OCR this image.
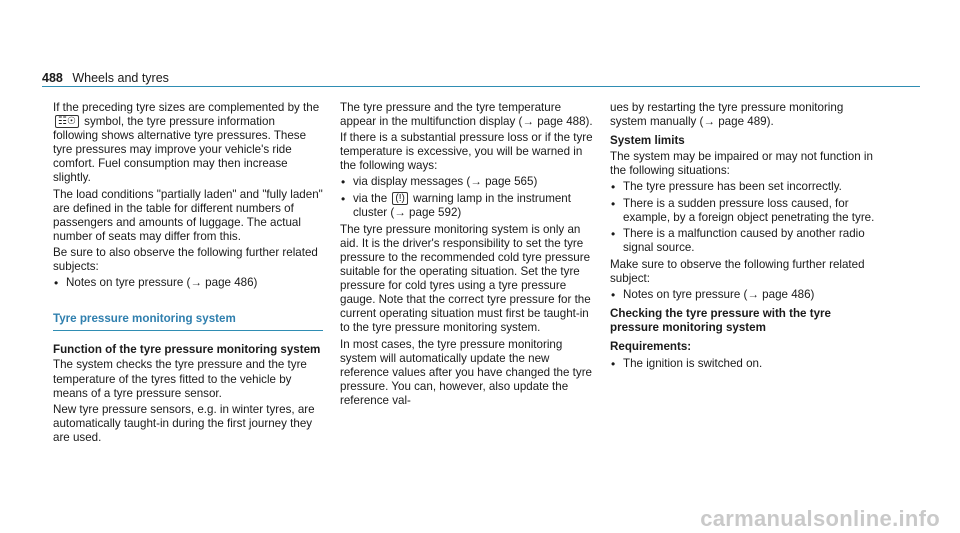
488 Wheels and tyres

If the preceding tyre sizes are complemented by the ☷☉ symbol, the tyre pressure information following shows alternative tyre pressures. These tyre pressures may improve your vehicle's ride comfort. Fuel consumption may then increase slightly.

The load conditions "partially laden" and "fully laden" are defined in the table for different numbers of passengers and amounts of luggage. The actual number of seats may differ from this.

Be sure to also observe the following further related subjects:

• Notes on tyre pressure (→ page 486)
Tyre pressure monitoring system
Function of the tyre pressure monitoring system

The system checks the tyre pressure and the tyre temperature of the tyres fitted to the vehicle by means of a tyre pressure sensor.

New tyre pressure sensors, e.g. in winter tyres, are automatically taught-in during the first journey they are used.

The tyre pressure and the tyre temperature appear in the multifunction display (→ page 488).

If there is a substantial pressure loss or if the tyre temperature is excessive, you will be warned in the following ways:

• via display messages (→ page 565)
• via the (!) warning lamp in the instrument cluster (→ page 592)

The tyre pressure monitoring system is only an aid. It is the driver's responsibility to set the tyre pressure to the recommended cold tyre pressure suitable for the operating situation. Set the tyre pressure for cold tyres using a tyre pressure gauge. Note that the correct tyre pressure for the current operating situation must first be taught-in to the tyre pressure monitoring system.

In most cases, the tyre pressure monitoring system will automatically update the new reference values after you have changed the tyre pressure. You can, however, also update the reference val-

ues by restarting the tyre pressure monitoring system manually (→ page 489).

System limits

The system may be impaired or may not function in the following situations:

• The tyre pressure has been set incorrectly.
• There is a sudden pressure loss caused, for example, by a foreign object penetrating the tyre.
• There is a malfunction caused by another radio signal source.

Make sure to observe the following further related subject:

• Notes on tyre pressure (→ page 486)
Checking the tyre pressure with the tyre pressure monitoring system
Requirements:
• The ignition is switched on.
carmanualsonline.info
